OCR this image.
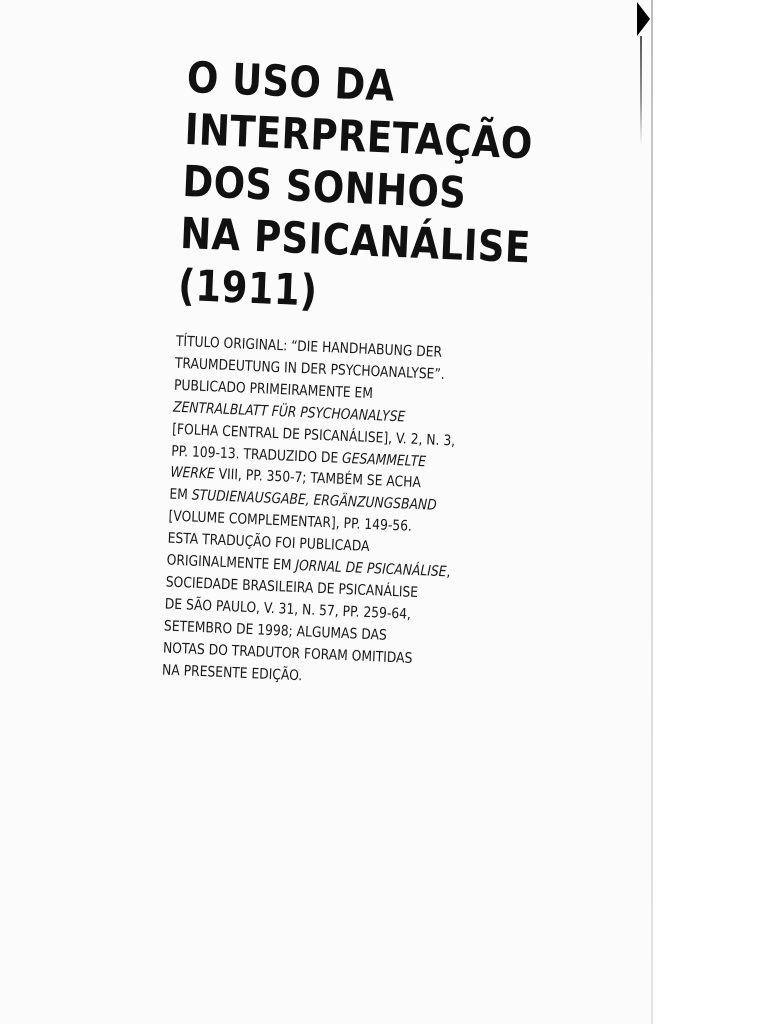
O USO DA
INTERPRETAÇÃO
DOS SONHOS
NA PSICANÁLISE
(1911)
TÍTULO ORIGINAL: “DIE HANDHABUNG DER
TRAUMDEUTUNG IN DER PSYCHOANALYSE”.
PUBLICADO PRIMEIRAMENTE EM
ZENTRALBLATT FÜR PSYCHOANALYSE
[FOLHA CENTRAL DE PSICANÁLISE], V. 2, N. 3,
PP. 109-13. TRADUZIDO DE GESAMMELTE
WERKE VIII, PP. 350-7; TAMBÉM SE ACHA
EM STUDIENAUSGABE, ERGÄNZUNGSBAND
[VOLUME COMPLEMENTAR], PP. 149-56.
ESTA TRADUÇÃO FOI PUBLICADA
ORIGINALMENTE EM JORNAL DE PSICANÁLISE,
SOCIEDADE BRASILEIRA DE PSICANÁLISE
DE SÃO PAULO, V. 31, N. 57, PP. 259-64,
SETEMBRO DE 1998; ALGUMAS DAS
NOTAS DO TRADUTOR FORAM OMITIDAS
NA PRESENTE EDIÇÃO.
